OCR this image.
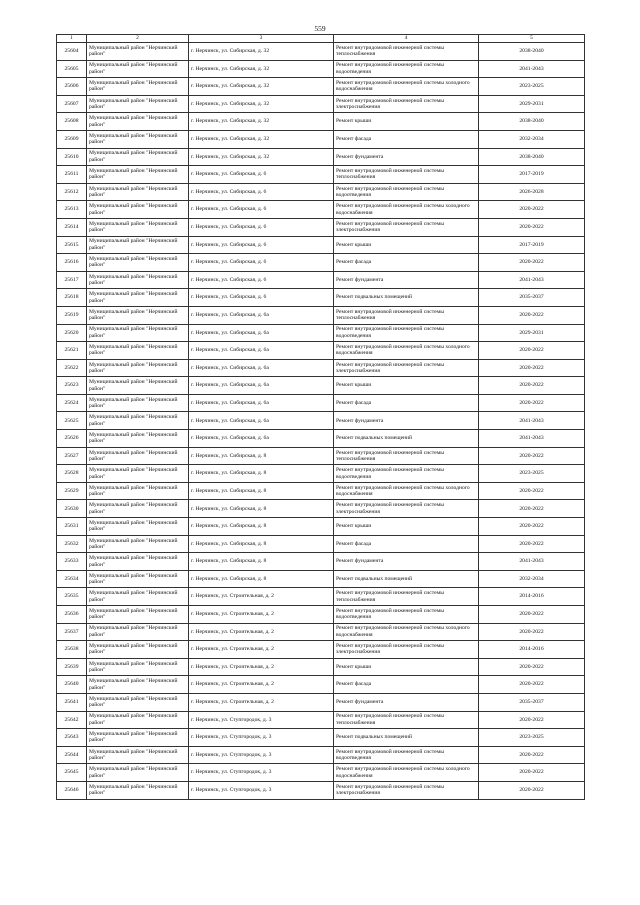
559
1	2	3	4	5
25604	Муниципальный район "Нерчинский район"	г. Нерчинск, ул. Сибирская, д. 32	Ремонт внутридомовой инженерной системы теплоснабжения	2038-2040
25605	Муниципальный район "Нерчинский район"	г. Нерчинск, ул. Сибирская, д. 32	Ремонт внутридомовой инженерной системы водоотведения	2041-2043
25606	Муниципальный район "Нерчинский район"	г. Нерчинск, ул. Сибирская, д. 32	Ремонт внутридомовой инженерной системы холодного водоснабжения	2023-2025
25607	Муниципальный район "Нерчинский район"	г. Нерчинск, ул. Сибирская, д. 32	Ремонт внутридомовой инженерной системы электроснабжения	2029-2031
25608	Муниципальный район "Нерчинский район"	г. Нерчинск, ул. Сибирская, д. 32	Ремонт крыши	2038-2040
25609	Муниципальный район "Нерчинский район"	г. Нерчинск, ул. Сибирская, д. 32	Ремонт фасада	2032-2034
25610	Муниципальный район "Нерчинский район"	г. Нерчинск, ул. Сибирская, д. 32	Ремонт фундамента	2038-2040
25611	Муниципальный район "Нерчинский район"	г. Нерчинск, ул. Сибирская, д. 6	Ремонт внутридомовой инженерной системы теплоснабжения	2017-2019
25612	Муниципальный район "Нерчинский район"	г. Нерчинск, ул. Сибирская, д. 6	Ремонт внутридомовой инженерной системы водоотведения	2026-2028
25613	Муниципальный район "Нерчинский район"	г. Нерчинск, ул. Сибирская, д. 6	Ремонт внутридомовой инженерной системы холодного водоснабжения	2020-2022
25614	Муниципальный район "Нерчинский район"	г. Нерчинск, ул. Сибирская, д. 6	Ремонт внутридомовой инженерной системы электроснабжения	2020-2022
25615	Муниципальный район "Нерчинский район"	г. Нерчинск, ул. Сибирская, д. 6	Ремонт крыши	2017-2019
25616	Муниципальный район "Нерчинский район"	г. Нерчинск, ул. Сибирская, д. 6	Ремонт фасада	2020-2022
25617	Муниципальный район "Нерчинский район"	г. Нерчинск, ул. Сибирская, д. 6	Ремонт фундамента	2041-2043
25618	Муниципальный район "Нерчинский район"	г. Нерчинск, ул. Сибирская, д. 6	Ремонт подвальных помещений	2035-2037
25619	Муниципальный район "Нерчинский район"	г. Нерчинск, ул. Сибирская, д. 6а	Ремонт внутридомовой инженерной системы теплоснабжения	2020-2022
25620	Муниципальный район "Нерчинский район"	г. Нерчинск, ул. Сибирская, д. 6а	Ремонт внутридомовой инженерной системы водоотведения	2029-2031
25621	Муниципальный район "Нерчинский район"	г. Нерчинск, ул. Сибирская, д. 6а	Ремонт внутридомовой инженерной системы холодного водоснабжения	2020-2022
25622	Муниципальный район "Нерчинский район"	г. Нерчинск, ул. Сибирская, д. 6а	Ремонт внутридомовой инженерной системы электроснабжения	2020-2022
25623	Муниципальный район "Нерчинский район"	г. Нерчинск, ул. Сибирская, д. 6а	Ремонт крыши	2020-2022
25624	Муниципальный район "Нерчинский район"	г. Нерчинск, ул. Сибирская, д. 6а	Ремонт фасада	2020-2022
25625	Муниципальный район "Нерчинский район"	г. Нерчинск, ул. Сибирская, д. 6а	Ремонт фундамента	2041-2043
25626	Муниципальный район "Нерчинский район"	г. Нерчинск, ул. Сибирская, д. 6а	Ремонт подвальных помещений	2041-2043
25627	Муниципальный район "Нерчинский район"	г. Нерчинск, ул. Сибирская, д. 8	Ремонт внутридомовой инженерной системы теплоснабжения	2020-2022
25628	Муниципальный район "Нерчинский район"	г. Нерчинск, ул. Сибирская, д. 8	Ремонт внутридомовой инженерной системы водоотведения	2023-2025
25629	Муниципальный район "Нерчинский район"	г. Нерчинск, ул. Сибирская, д. 8	Ремонт внутридомовой инженерной системы холодного водоснабжения	2020-2022
25630	Муниципальный район "Нерчинский район"	г. Нерчинск, ул. Сибирская, д. 8	Ремонт внутридомовой инженерной системы электроснабжения	2020-2022
25631	Муниципальный район "Нерчинский район"	г. Нерчинск, ул. Сибирская, д. 8	Ремонт крыши	2020-2022
25632	Муниципальный район "Нерчинский район"	г. Нерчинск, ул. Сибирская, д. 8	Ремонт фасада	2020-2022
25633	Муниципальный район "Нерчинский район"	г. Нерчинск, ул. Сибирская, д. 8	Ремонт фундамента	2041-2043
25634	Муниципальный район "Нерчинский район"	г. Нерчинск, ул. Сибирская, д. 8	Ремонт подвальных помещений	2032-2034
25635	Муниципальный район "Нерчинский район"	г. Нерчинск, ул. Строительная, д. 2	Ремонт внутридомовой инженерной системы теплоснабжения	2014-2016
25636	Муниципальный район "Нерчинский район"	г. Нерчинск, ул. Строительная, д. 2	Ремонт внутридомовой инженерной системы водоотведения	2020-2022
25637	Муниципальный район "Нерчинский район"	г. Нерчинск, ул. Строительная, д. 2	Ремонт внутридомовой инженерной системы холодного водоснабжения	2020-2022
25638	Муниципальный район "Нерчинский район"	г. Нерчинск, ул. Строительная, д. 2	Ремонт внутридомовой инженерной системы электроснабжения	2014-2016
25639	Муниципальный район "Нерчинский район"	г. Нерчинск, ул. Строительная, д. 2	Ремонт крыши	2020-2022
25640	Муниципальный район "Нерчинский район"	г. Нерчинск, ул. Строительная, д. 2	Ремонт фасада	2020-2022
25641	Муниципальный район "Нерчинский район"	г. Нерчинск, ул. Строительная, д. 2	Ремонт фундамента	2035-2037
25642	Муниципальный район "Нерчинский район"	г. Нерчинск, ул. Ступгородок, д. 3	Ремонт внутридомовой инженерной системы теплоснабжения	2020-2022
25643	Муниципальный район "Нерчинский район"	г. Нерчинск, ул. Ступгородок, д. 3	Ремонт подвальных помещений	2023-2025
25644	Муниципальный район "Нерчинский район"	г. Нерчинск, ул. Ступгородок, д. 3	Ремонт внутридомовой инженерной системы водоотведения	2020-2022
25645	Муниципальный район "Нерчинский район"	г. Нерчинск, ул. Ступгородок, д. 3	Ремонт внутридомовой инженерной системы холодного водоснабжения	2020-2022
25646	Муниципальный район "Нерчинский район"	г. Нерчинск, ул. Ступгородок, д. 3	Ремонт внутридомовой инженерной системы электроснабжения	2020-2022
